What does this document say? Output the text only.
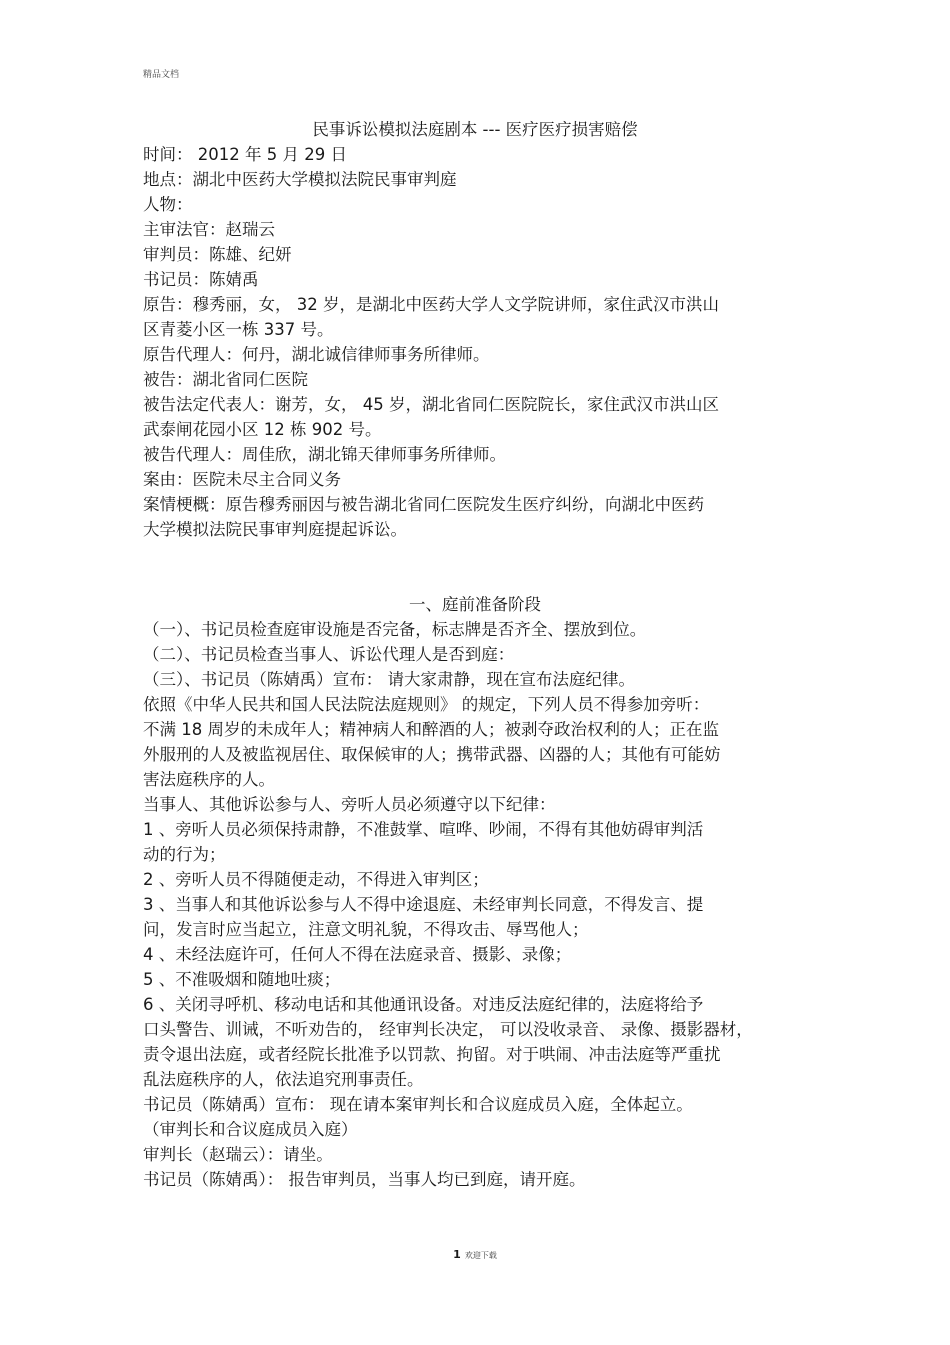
精品文档
民事诉讼模拟法庭剧本 --- 医疗医疗损害赔偿
时间： 2012 年 5 月 29 日
地点：湖北中医药大学模拟法院民事审判庭
人物：
主审法官：赵瑞云
审判员：陈雄、纪妍
书记员：陈婧禹
原告：穆秀丽，女， 32 岁，是湖北中医药大学人文学院讲师，家住武汉市洪山
区青菱小区一栋 337 号。
原告代理人：何丹，湖北诚信律师事务所律师。
被告：湖北省同仁医院
被告法定代表人：谢芳，女， 45 岁，湖北省同仁医院院长，家住武汉市洪山区
武泰闸花园小区 12 栋 902 号。
被告代理人：周佳欣，湖北锦天律师事务所律师。
案由：医院未尽主合同义务
案情梗概：原告穆秀丽因与被告湖北省同仁医院发生医疗纠纷，向湖北中医药
大学模拟法院民事审判庭提起诉讼。
一、庭前准备阶段
（一）、书记员检查庭审设施是否完备，标志牌是否齐全、摆放到位。
（二）、书记员检查当事人、诉讼代理人是否到庭：
（三）、书记员（陈婧禹）宣布： 请大家肃静，现在宣布法庭纪律。
依照《中华人民共和国人民法院法庭规则》 的规定，下列人员不得参加旁听：
不满 18 周岁的未成年人；精神病人和醉酒的人；被剥夺政治权利的人；正在监
外服刑的人及被监视居住、取保候审的人；携带武器、凶器的人；其他有可能妨
害法庭秩序的人。
当事人、其他诉讼参与人、旁听人员必须遵守以下纪律：
1 、旁听人员必须保持肃静，不准鼓掌、喧哗、吵闹，不得有其他妨碍审判活
动的行为；
2 、旁听人员不得随便走动，不得进入审判区；
3 、当事人和其他诉讼参与人不得中途退庭、未经审判长同意，不得发言、提
问，发言时应当起立，注意文明礼貌，不得攻击、辱骂他人；
4 、未经法庭许可，任何人不得在法庭录音、摄影、录像；
5 、不准吸烟和随地吐痰；
6 、关闭寻呼机、移动电话和其他通讯设备。对违反法庭纪律的，法庭将给予
口头警告、训诫，不听劝告的， 经审判长决定， 可以没收录音、 录像、摄影器材，
责令退出法庭，或者经院长批准予以罚款、拘留。对于哄闹、冲击法庭等严重扰
乱法庭秩序的人，依法追究刑事责任。
书记员（陈婧禹）宣布： 现在请本案审判长和合议庭成员入庭，全体起立。
（审判长和合议庭成员入庭）
审判长（赵瑞云）：请坐。
书记员（陈婧禹）： 报告审判员，当事人均已到庭，请开庭。
1 欢迎下载
